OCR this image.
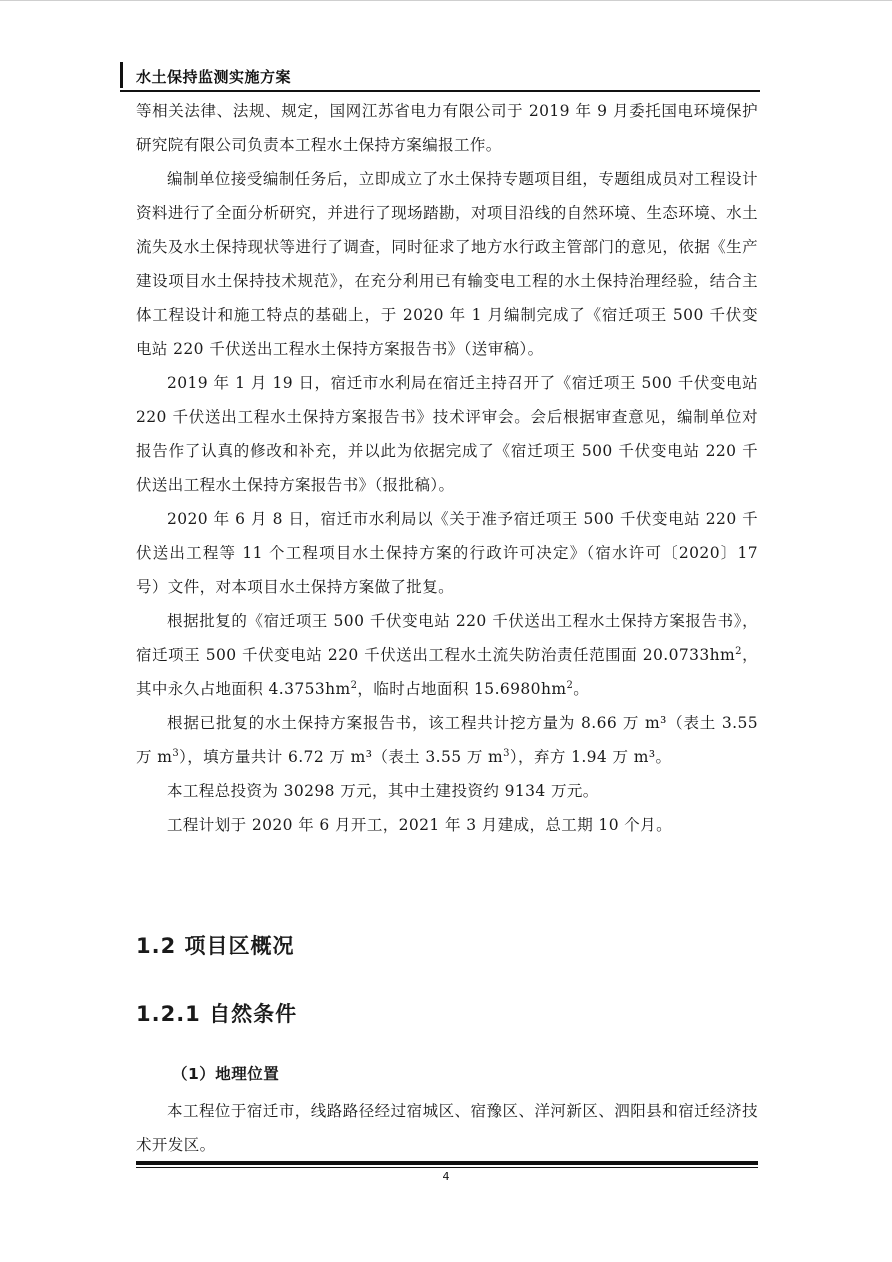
水土保持监测实施方案

等相关法律、法规、规定，国网江苏省电力有限公司于 2019 年 9 月委托国电环境保护研究院有限公司负责本工程水土保持方案编报工作。

编制单位接受编制任务后，立即成立了水土保持专题项目组，专题组成员对工程设计资料进行了全面分析研究，并进行了现场踏勘，对项目沿线的自然环境、生态环境、水土流失及水土保持现状等进行了调查，同时征求了地方水行政主管部门的意见，依据《生产建设项目水土保持技术规范》，在充分利用已有输变电工程的水土保持治理经验，结合主体工程设计和施工特点的基础上，于 2020 年 1 月编制完成了《宿迁项王 500 千伏变电站 220 千伏送出工程水土保持方案报告书》（送审稿）。

2019 年 1 月 19 日，宿迁市水利局在宿迁主持召开了《宿迁项王 500 千伏变电站 220 千伏送出工程水土保持方案报告书》技术评审会。会后根据审查意见，编制单位对报告作了认真的修改和补充，并以此为依据完成了《宿迁项王 500 千伏变电站 220 千伏送出工程水土保持方案报告书》（报批稿）。

2020 年 6 月 8 日，宿迁市水利局以《关于准予宿迁项王 500 千伏变电站 220 千伏送出工程等 11 个工程项目水土保持方案的行政许可决定》（宿水许可〔2020〕17 号）文件，对本项目水土保持方案做了批复。

根据批复的《宿迁项王 500 千伏变电站 220 千伏送出工程水土保持方案报告书》，宿迁项王 500 千伏变电站 220 千伏送出工程水土流失防治责任范围面 $20.0733hm^2$，其中永久占地面积 $4.3753hm^2$，临时占地面积 $15.6980hm^2$。

根据已批复的水土保持方案报告书，该工程共计挖方量为 8.66 万 m³（表土 3.55 万 $m^3$），填方量共计 6.72 万 m³（表土 3.55 万 $m^3$），弃方 1.94 万 m³。

本工程总投资为 30298 万元，其中土建投资约 9134 万元。

工程计划于 2020 年 6 月开工，2021 年 3 月建成，总工期 10 个月。

1.2 项目区概况
1.2.1 自然条件
（1）地理位置

本工程位于宿迁市，线路路径经过宿城区、宿豫区、洋河新区、泗阳县和宿迁经济技术开发区。

4
